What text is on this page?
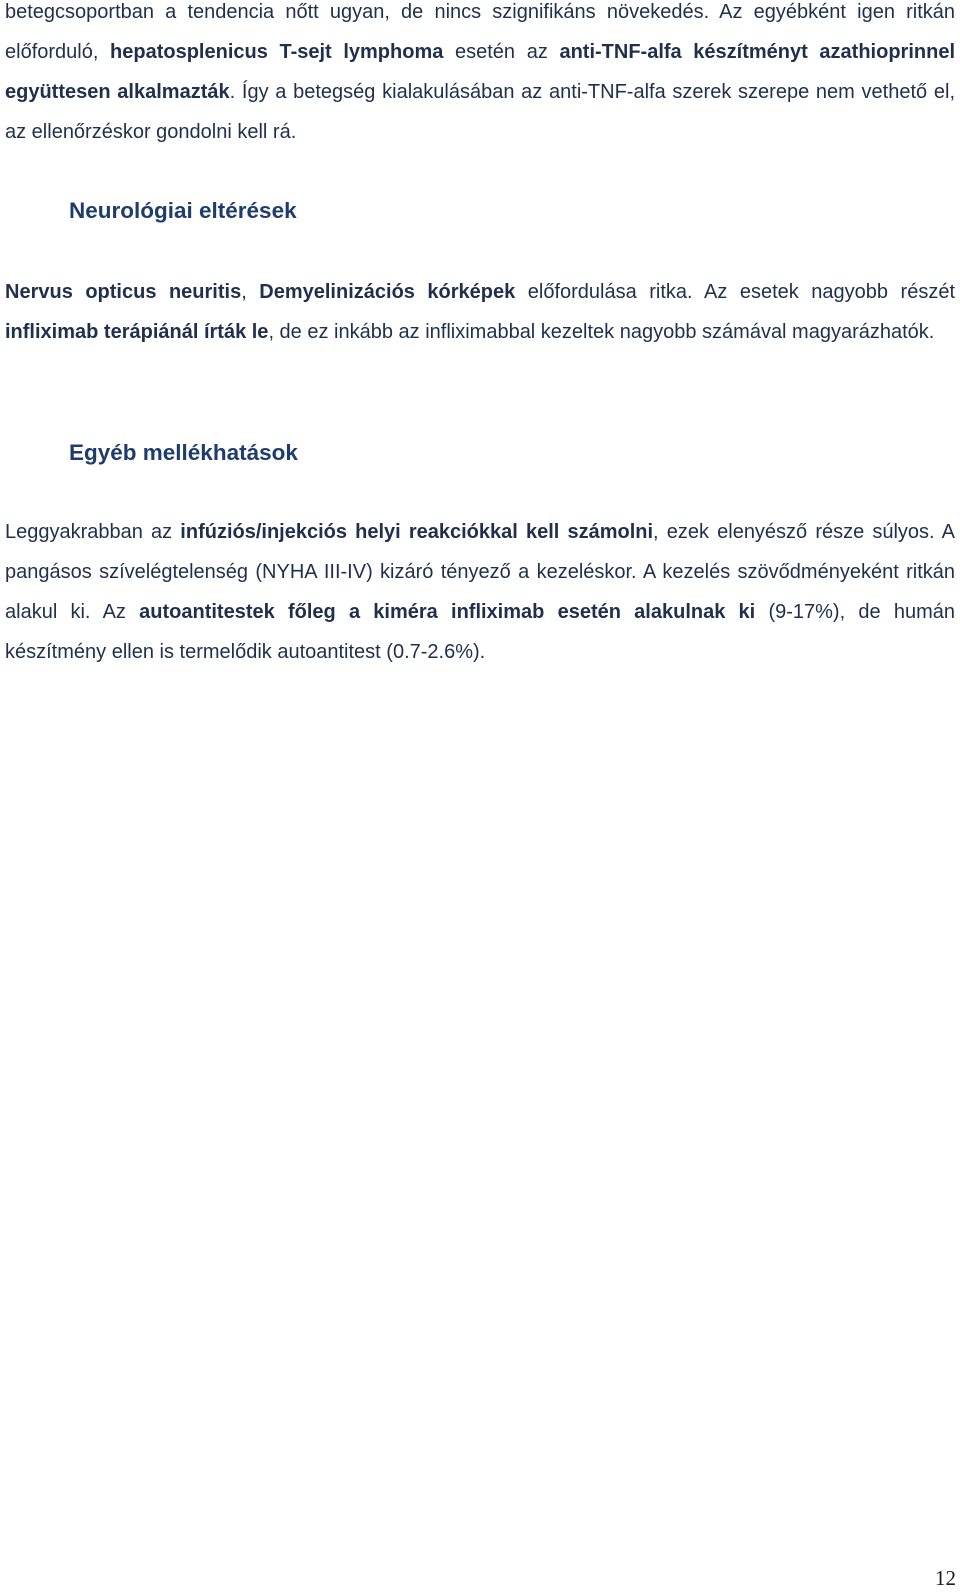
betegcsoportban a tendencia nőtt ugyan, de nincs szignifikáns növekedés. Az egyébként igen ritkán előforduló, hepatosplenicus T-sejt lymphoma esetén az anti-TNF-alfa készítményt azathioprinnel együttesen alkalmazták. Így a betegség kialakulásában az anti-TNF-alfa szerek szerepe nem vethető el, az ellenőrzéskor gondolni kell rá.

Neurológiai eltérések

Nervus opticus neuritis, Demyelinizációs kórképek előfordulása ritka. Az esetek nagyobb részét infliximab terápiánál írták le, de ez inkább az infliximabbal kezeltek nagyobb számával magyarázhatók.

Egyéb mellékhatások

Leggyakrabban az infúziós/injekciós helyi reakciókkal kell számolni, ezek elenyésző része súlyos. A pangásos szívelégtelenség (NYHA III-IV) kizáró tényező a kezeléskor. A kezelés szövődményeként ritkán alakul ki. Az autoantitestek főleg a kiméra infliximab esetén alakulnak ki (9-17%), de humán készítmény ellen is termelődik autoantitest (0.7-2.6%).

12
